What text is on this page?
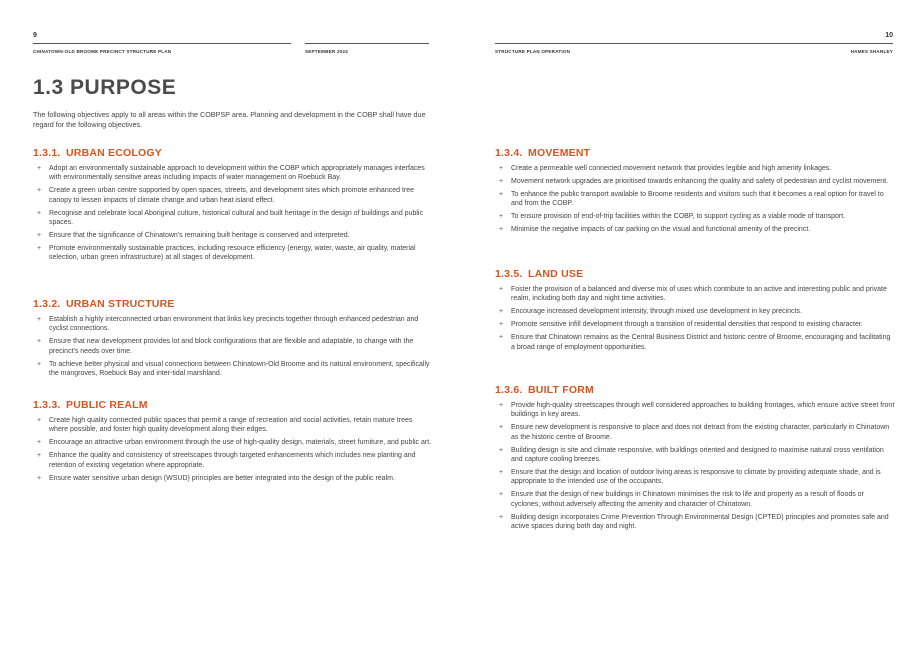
9
CHINATOWN-OLD BROOME PRECINCT STRUCTURE PLAN	SEPTEMBER 2024
1.3 PURPOSE

The following objectives apply to all areas within the COBPSP area. Planning and development in the COBP shall have due regard for the following objectives.

1.3.1. URBAN ECOLOGY
+ Adopt an environmentally sustainable approach to development within the COBP which appropriately manages interfaces with environmentally sensitive areas including impacts of water management on Roebuck Bay.
+ Create a green urban centre supported by open spaces, streets, and development sites which promote enhanced tree canopy to lessen impacts of climate change and urban heat island effect.
+ Recognise and celebrate local Aboriginal culture, historical cultural and built heritage in the design of buildings and public spaces.
+ Ensure that the significance of Chinatown's remaining built heritage is conserved and interpreted.
+ Promote environmentally sustainable practices, including resource efficiency (energy, water, waste, air quality, material selection, urban green infrastructure) at all stages of development.
1.3.2. URBAN STRUCTURE
+ Establish a highly interconnected urban environment that links key precincts together through enhanced pedestrian and cyclist connections.
+ Ensure that new development provides lot and block configurations that are flexible and adaptable, to change with the precinct's needs over time.
+ To achieve better physical and visual connections between Chinatown-Old Broome and its natural environment, specifically the mangroves, Roebuck Bay and inter-tidal marshland.
1.3.3. PUBLIC REALM
+ Create high quality connected public spaces that permit a range of recreation and social activities, retain mature trees where possible, and foster high quality development along their edges.
+ Encourage an attractive urban environment through the use of high-quality design, materials, street furniture, and public art.
+ Enhance the quality and consistency of streetscapes through targeted enhancements which includes new planting and retention of existing vegetation where appropriate.
+ Ensure water sensitive urban design (WSUD) principles are better integrated into the design of the public realm.
10
STRUCTURE PLAN OPERATION	HAMES SHARLEY
1.3.4. MOVEMENT
+ Create a permeable well connected movement network that provides legible and high amenity linkages.
+ Movement network upgrades are prioritised towards enhancing the quality and safety of pedestrian and cyclist movement.
+ To enhance the public transport available to Broome residents and visitors such that it becomes a real option for travel to and from the COBP.
+ To ensure provision of end-of-trip facilities within the COBP, to support cycling as a viable mode of transport.
+ Minimise the negative impacts of car parking on the visual and functional amenity of the precinct.
1.3.5. LAND USE
+ Foster the provision of a balanced and diverse mix of uses which contribute to an active and interesting public and private realm, including both day and night time activities.
+ Encourage increased development intensity, through mixed use development in key precincts.
+ Promote sensitive infill development through a transition of residential densities that respond to existing character.
+ Ensure that Chinatown remains as the Central Business District and historic centre of Broome, encouraging and facilitating a broad range of employment opportunities.
1.3.6. BUILT FORM
+ Provide high-quality streetscapes through well considered approaches to building frontages, which ensure active street front buildings in key areas.
+ Ensure new development is responsive to place and does not detract from the existing character, particularly in Chinatown as the historic centre of Broome.
+ Building design is site and climate responsive, with buildings oriented and designed to maximise natural cross ventilation and capture cooling breezes.
+ Ensure that the design and location of outdoor living areas is responsive to climate by providing adequate shade, and is appropriate to the intended use of the occupants.
+ Ensure that the design of new buildings in Chinatown minimises the risk to life and property as a result of floods or cyclones, without adversely affecting the amenity and character of Chinatown.
+ Building design incorporates Crime Prevention Through Environmental Design (CPTED) principles and promotes safe and active spaces during both day and night.
